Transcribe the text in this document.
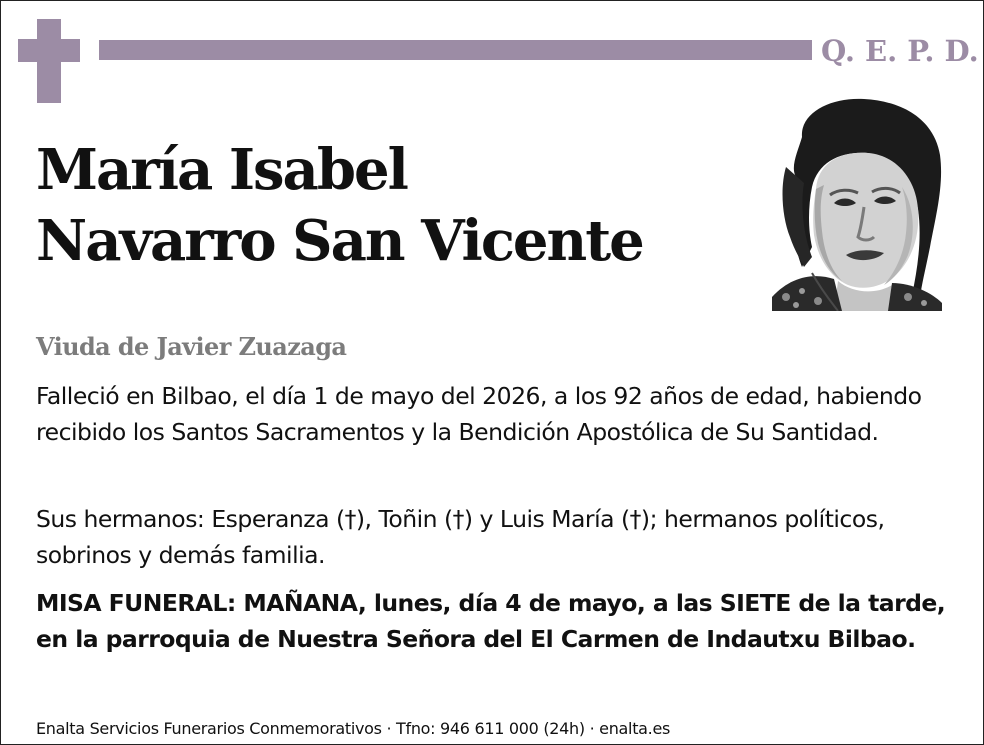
Q. E. P. D.
María Isabel
Navarro San Vicente
Viuda de Javier Zuazaga
Falleció en Bilbao, el día 1 de mayo del 2026, a los 92 años de edad, habiendo recibido los Santos Sacramentos y la Bendición Apostólica de Su Santidad.
Sus hermanos: Esperanza (†), Toñin (†) y Luis María (†); hermanos políticos, sobrinos y demás familia.
MISA FUNERAL: MAÑANA, lunes, día 4 de mayo, a las SIETE de la tarde, en la parroquia de Nuestra Señora del El Carmen de Indautxu Bilbao.
Enalta Servicios Funerarios Conmemorativos · Tfno: 946 611 000 (24h) · enalta.es
